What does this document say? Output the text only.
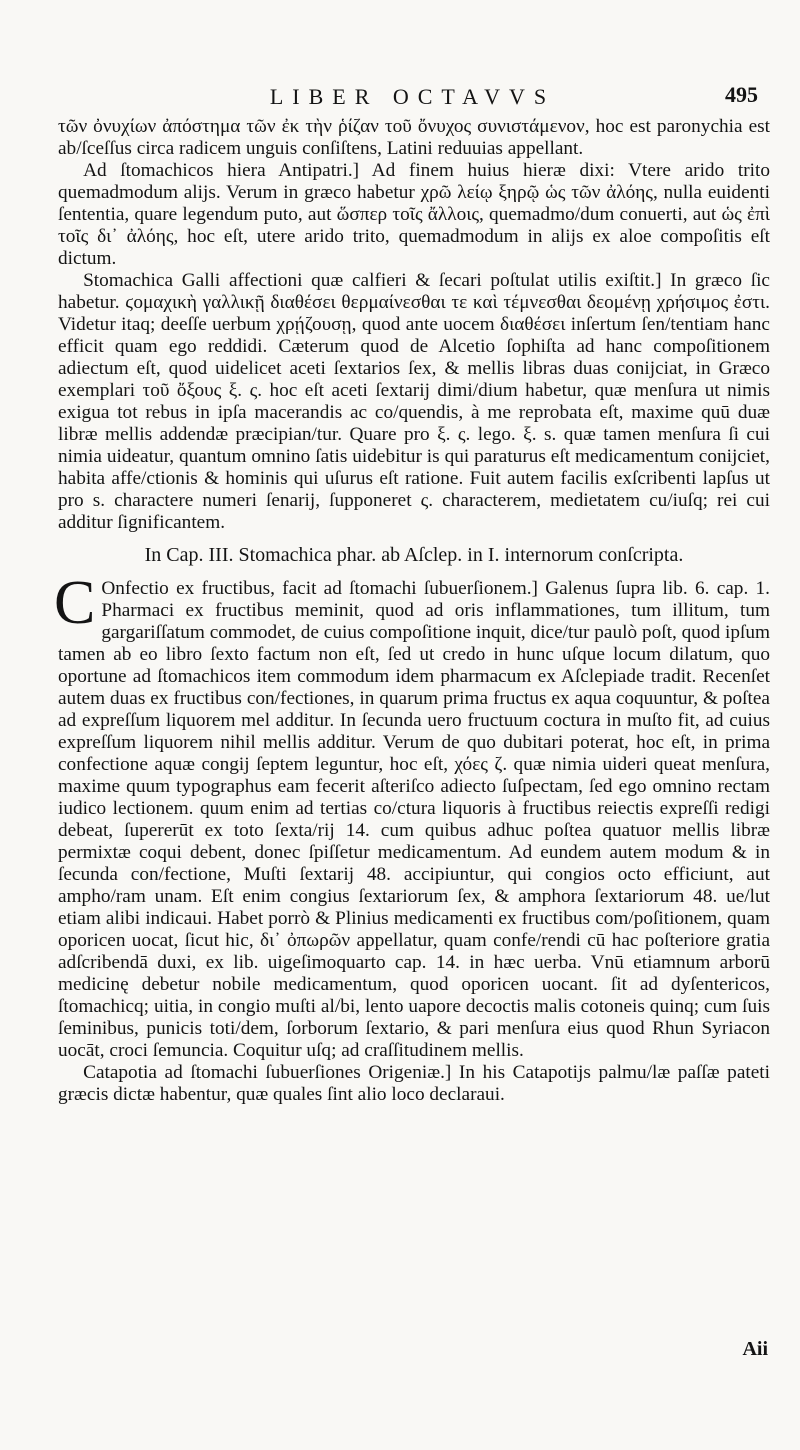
LIBER OCTAVVS	495

τῶν ὀνυχίων ἀπόστημα τῶν ἐκ τὴν ῥίζαν τοῦ ὄνυχος συνιστάμενον, hoc est paronychia est ab/ſceſſus circa radicem unguis conſiſtens, Latini reduuias appellant.

Ad ſtomachicos hiera Antipatri.] Ad finem huius hieræ dixi: Vtere arido trito quemadmodum alijs. Verum in græco habetur χρῶ λείῳ ξηρῷ ὡς τῶν ἀλόης, nulla euidenti ſententia, quare legendum puto, aut ὥσπερ τοῖς ἄλλοις, quemadmo/dum conuerti, aut ὡς ἐπὶ τοῖς δι᾽ ἀλόης, hoc eſt, utere arido trito, quemadmodum in alijs ex aloe compoſitis eſt dictum.

Stomachica Galli affectioni quæ calfieri & ſecari poſtulat utilis exiſtit.] In græco ſic habetur. ϛομαχικὴ γαλλικῇ διαθέσει θερμαίνεσθαι τε καὶ τέμνεσθαι δεομένῃ χρήσιμος ἐστι. Videtur itaq; deeſſe uerbum χρῄζουσῃ, quod ante uocem διαθέσει inſertum ſen/tentiam hanc efficit quam ego reddidi. Cæterum quod de Alcetio ſophiſta ad hanc compoſitionem adiectum eſt, quod uidelicet aceti ſextarios ſex, & mellis libras duas conijciat, in Græco exemplari τοῦ ὄξους ξ. ς. hoc eſt aceti ſextarij dimi/dium habetur, quæ menſura ut nimis exigua tot rebus in ipſa macerandis ac co/quendis, à me reprobata eſt, maxime quū duæ libræ mellis addendæ præcipian/tur. Quare pro ξ. ς. lego. ξ. s. quæ tamen menſura ſi cui nimia uideatur, quantum omnino ſatis uidebitur is qui paraturus eſt medicamentum conijciet, habita affe/ctionis & hominis qui uſurus eſt ratione. Fuit autem facilis exſcribenti lapſus ut pro s. charactere numeri ſenarij, ſupponeret ς. characterem, medietatem cu/iuſq; rei cui additur ſignificantem.

In Cap. III. Stomachica phar. ab Aſclep. in I. internorum conſcripta.

C Onfectio ex fructibus, facit ad ſtomachi ſubuerſionem.] Galenus ſupra lib. 6. cap. 1. Pharmaci ex fructibus meminit, quod ad oris inflammationes, tum illitum, tum gargariſſatum commodet, de cuius compoſitione inquit, dice/tur paulò poſt, quod ipſum tamen ab eo libro ſexto factum non eſt, ſed ut credo in hunc uſque locum dilatum, quo oportune ad ſtomachicos item commodum idem pharmacum ex Aſclepiade tradit. Recenſet autem duas ex fructibus con/fectiones, in quarum prima fructus ex aqua coquuntur, & poſtea ad expreſſum liquorem mel additur. In ſecunda uero fructuum coctura in muſto fit, ad cuius expreſſum liquorem nihil mellis additur. Verum de quo dubitari poterat, hoc eſt, in prima confectione aquæ congij ſeptem leguntur, hoc eſt, χόες ζ. quæ nimia uideri queat menſura, maxime quum typographus eam fecerit aſteriſco adiecto ſuſpectam, ſed ego omnino rectam iudico lectionem. quum enim ad tertias co/ctura liquoris à fructibus reiectis expreſſi redigi debeat, ſupererūt ex toto ſexta/rij 14. cum quibus adhuc poſtea quatuor mellis libræ permixtæ coqui debent, donec ſpiſſetur medicamentum. Ad eundem autem modum & in ſecunda con/fectione, Muſti ſextarij 48. accipiuntur, qui congios octo efficiunt, aut ampho/ram unam. Eſt enim congius ſextariorum ſex, & amphora ſextariorum 48. ue/lut etiam alibi indicaui. Habet porrò & Plinius medicamenti ex fructibus com/poſitionem, quam oporicen uocat, ſicut hic, δι᾽ ὀπωρῶν appellatur, quam confe/rendi cū hac poſteriore gratia adſcribendā duxi, ex lib. uigeſimoquarto cap. 14. in hæc uerba. Vnū etiamnum arborū medicinę debetur nobile medicamentum, quod oporicen uocant. ſit ad dyſentericos, ſtomachicq; uitia, in congio muſti al/bi, lento uapore decoctis malis cotoneis quinq; cum ſuis ſeminibus, punicis toti/dem, ſorborum ſextario, & pari menſura eius quod Rhun Syriacon uocāt, croci ſemuncia. Coquitur uſq; ad craſſitudinem mellis.

Catapotia ad ſtomachi ſubuerſiones Origeniæ.] In his Catapotijs palmu/læ paſſæ pateti græcis dictæ habentur, quæ quales ſint alio loco declaraui.

Aii
